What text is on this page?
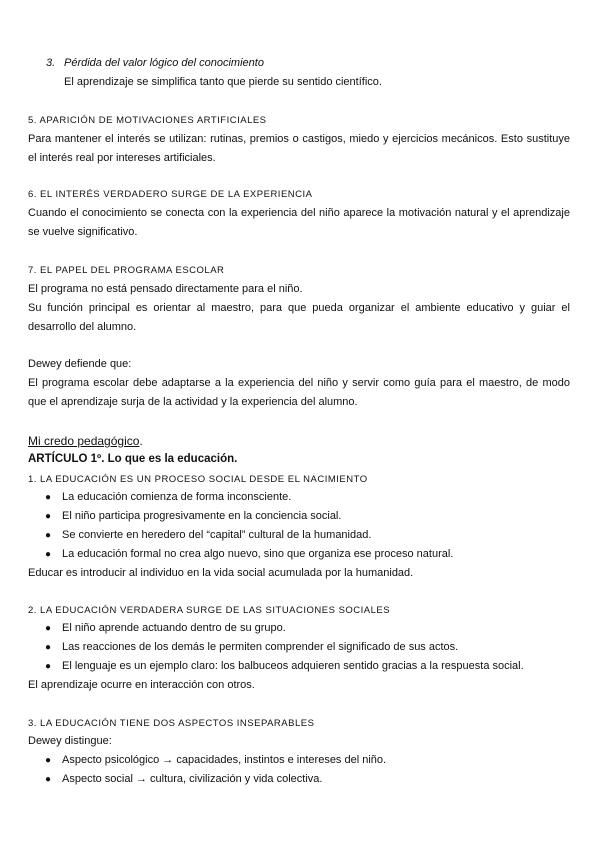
3. Pérdida del valor lógico del conocimiento
El aprendizaje se simplifica tanto que pierde su sentido científico.

5. APARICIÓN DE MOTIVACIONES ARTIFICIALES

Para mantener el interés se utilizan: rutinas, premios o castigos, miedo y ejercicios mecánicos. Esto sustituye el interés real por intereses artificiales.

6. EL INTERÉS VERDADERO SURGE DE LA EXPERIENCIA

Cuando el conocimiento se conecta con la experiencia del niño aparece la motivación natural y el aprendizaje se vuelve significativo.

7. EL PAPEL DEL PROGRAMA ESCOLAR

El programa no está pensado directamente para el niño.

Su función principal es orientar al maestro, para que pueda organizar el ambiente educativo y guiar el desarrollo del alumno.

Dewey defiende que:

El programa escolar debe adaptarse a la experiencia del niño y servir como guía para el maestro, de modo que el aprendizaje surja de la actividad y la experiencia del alumno.

Mi credo pedagógico.
ARTÍCULO 1º. Lo que es la educación.

1. LA EDUCACIÓN ES UN PROCESO SOCIAL DESDE EL NACIMIENTO

● La educación comienza de forma inconsciente.
● El niño participa progresivamente en la conciencia social.
● Se convierte en heredero del “capital” cultural de la humanidad.
● La educación formal no crea algo nuevo, sino que organiza ese proceso natural.

Educar es introducir al individuo en la vida social acumulada por la humanidad.

2. LA EDUCACIÓN VERDADERA SURGE DE LAS SITUACIONES SOCIALES

● El niño aprende actuando dentro de su grupo.
● Las reacciones de los demás le permiten comprender el significado de sus actos.
● El lenguaje es un ejemplo claro: los balbuceos adquieren sentido gracias a la respuesta social.

El aprendizaje ocurre en interacción con otros.

3. LA EDUCACIÓN TIENE DOS ASPECTOS INSEPARABLES

Dewey distingue:

● Aspecto psicológico → capacidades, instintos e intereses del niño.
● Aspecto social → cultura, civilización y vida colectiva.
